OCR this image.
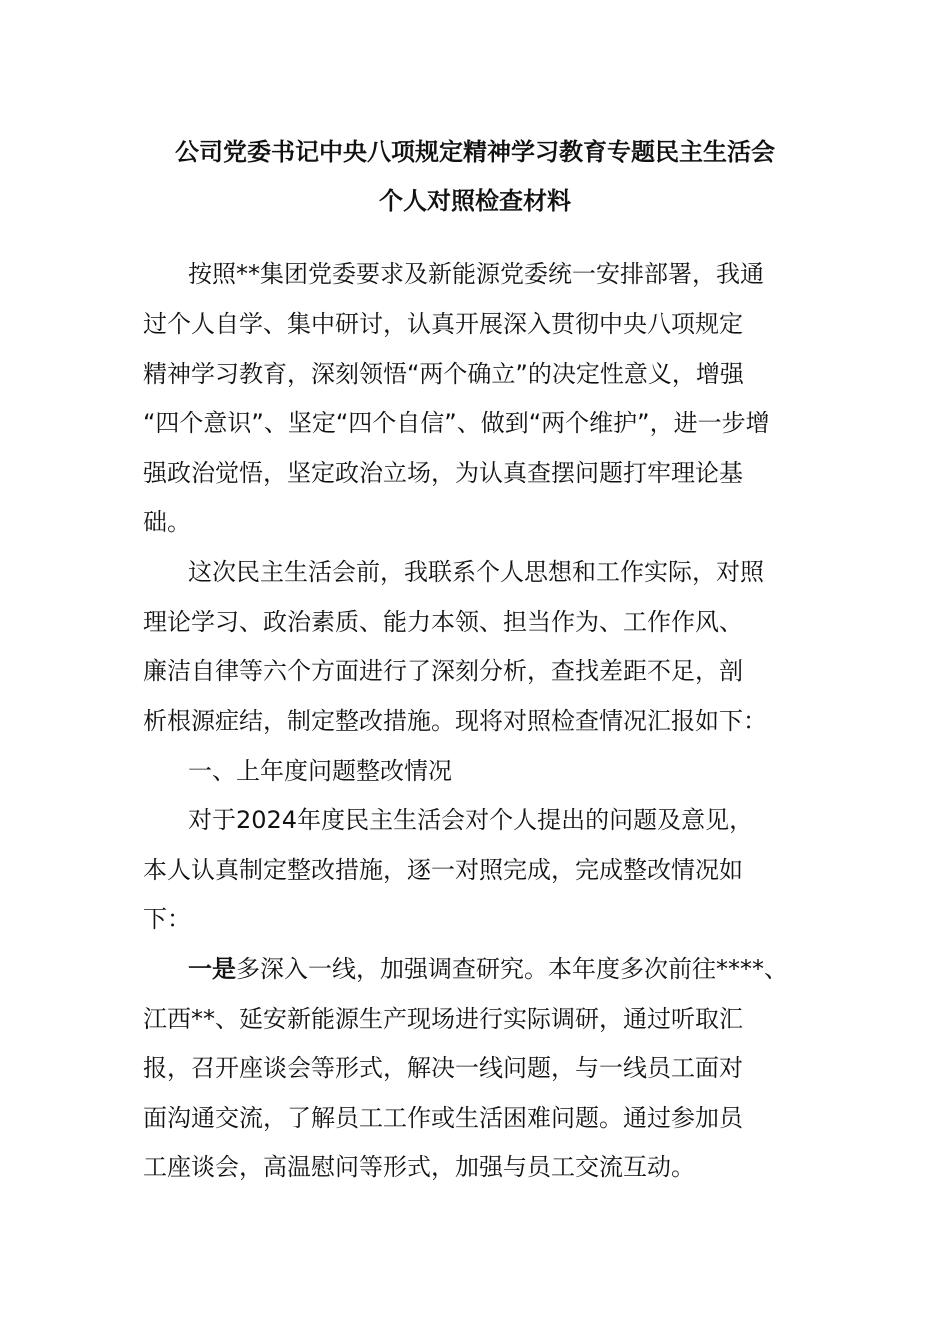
公司党委书记中央八项规定精神学习教育专题民主生活会
个人对照检查材料

按照**集团党委要求及新能源党委统一安排部署，我通

过个人自学、集中研讨，认真开展深入贯彻中央八项规定

精神学习教育，深刻领悟“两个确立”的决定性意义，增强

“四个意识”、坚定“四个自信”、做到“两个维护”，进一步增

强政治觉悟，坚定政治立场，为认真查摆问题打牢理论基

础。

这次民主生活会前，我联系个人思想和工作实际，对照

理论学习、政治素质、能力本领、担当作为、工作作风、

廉洁自律等六个方面进行了深刻分析，查找差距不足，剖

析根源症结，制定整改措施。现将对照检查情况汇报如下：

一、上年度问题整改情况

对于2024年度民主生活会对个人提出的问题及意见，

本人认真制定整改措施，逐一对照完成，完成整改情况如

下：

一是多深入一线，加强调查研究。本年度多次前往****、

江西**、延安新能源生产现场进行实际调研，通过听取汇

报，召开座谈会等形式，解决一线问题，与一线员工面对

面沟通交流，了解员工工作或生活困难问题。通过参加员

工座谈会，高温慰问等形式，加强与员工交流互动。
